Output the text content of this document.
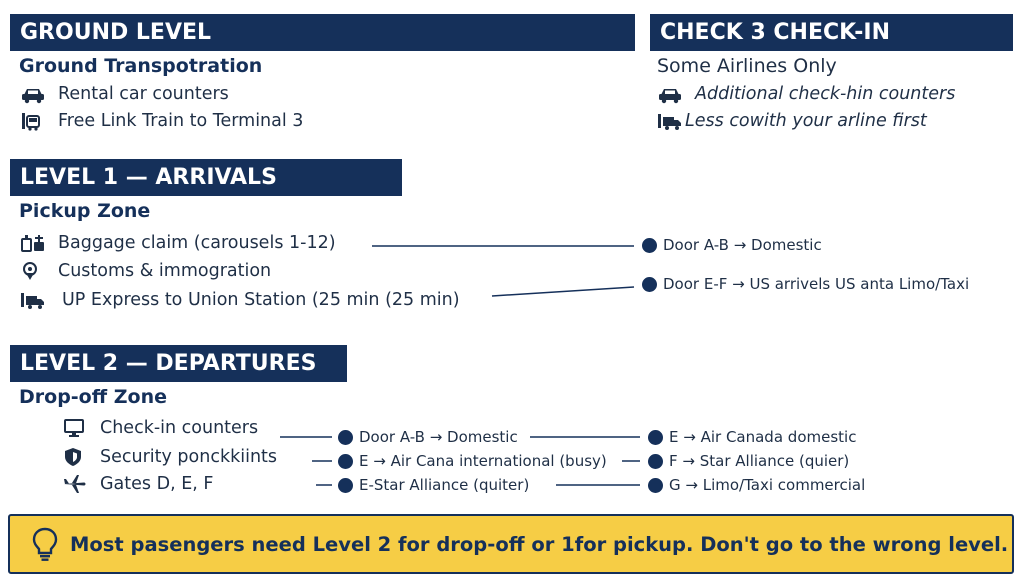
GROUND LEVEL
Ground Transpotration
Rental car counters
Free Link Train to Terminal 3
CHECK 3 CHECK-IN
Some Airlines Only
Additional check-hin counters
Less cowith your arline first
LEVEL 1 — ARRIVALS
Pickup Zone
Baggage claim (carousels 1-12)
Customs & immogration
UP Express to Union Station (25 min (25 min)
Door A-B → Domestic
Door E-F → US arrivels US anta Limo/Taxi
LEVEL 2 — DEPARTURES
Drop-off Zone
Check-in counters
Security ponckkiints
Gates D, E, F
Door A-B → Domestic
E → Air Cana international (busy)
E-Star Alliance (quiter)
E → Air Canada domestic
F → Star Alliance (quier)
G → Limo/Taxi commercial
Most pasengers need Level 2 for drop-off or 1for pickup. Don't go to the wrong level.
